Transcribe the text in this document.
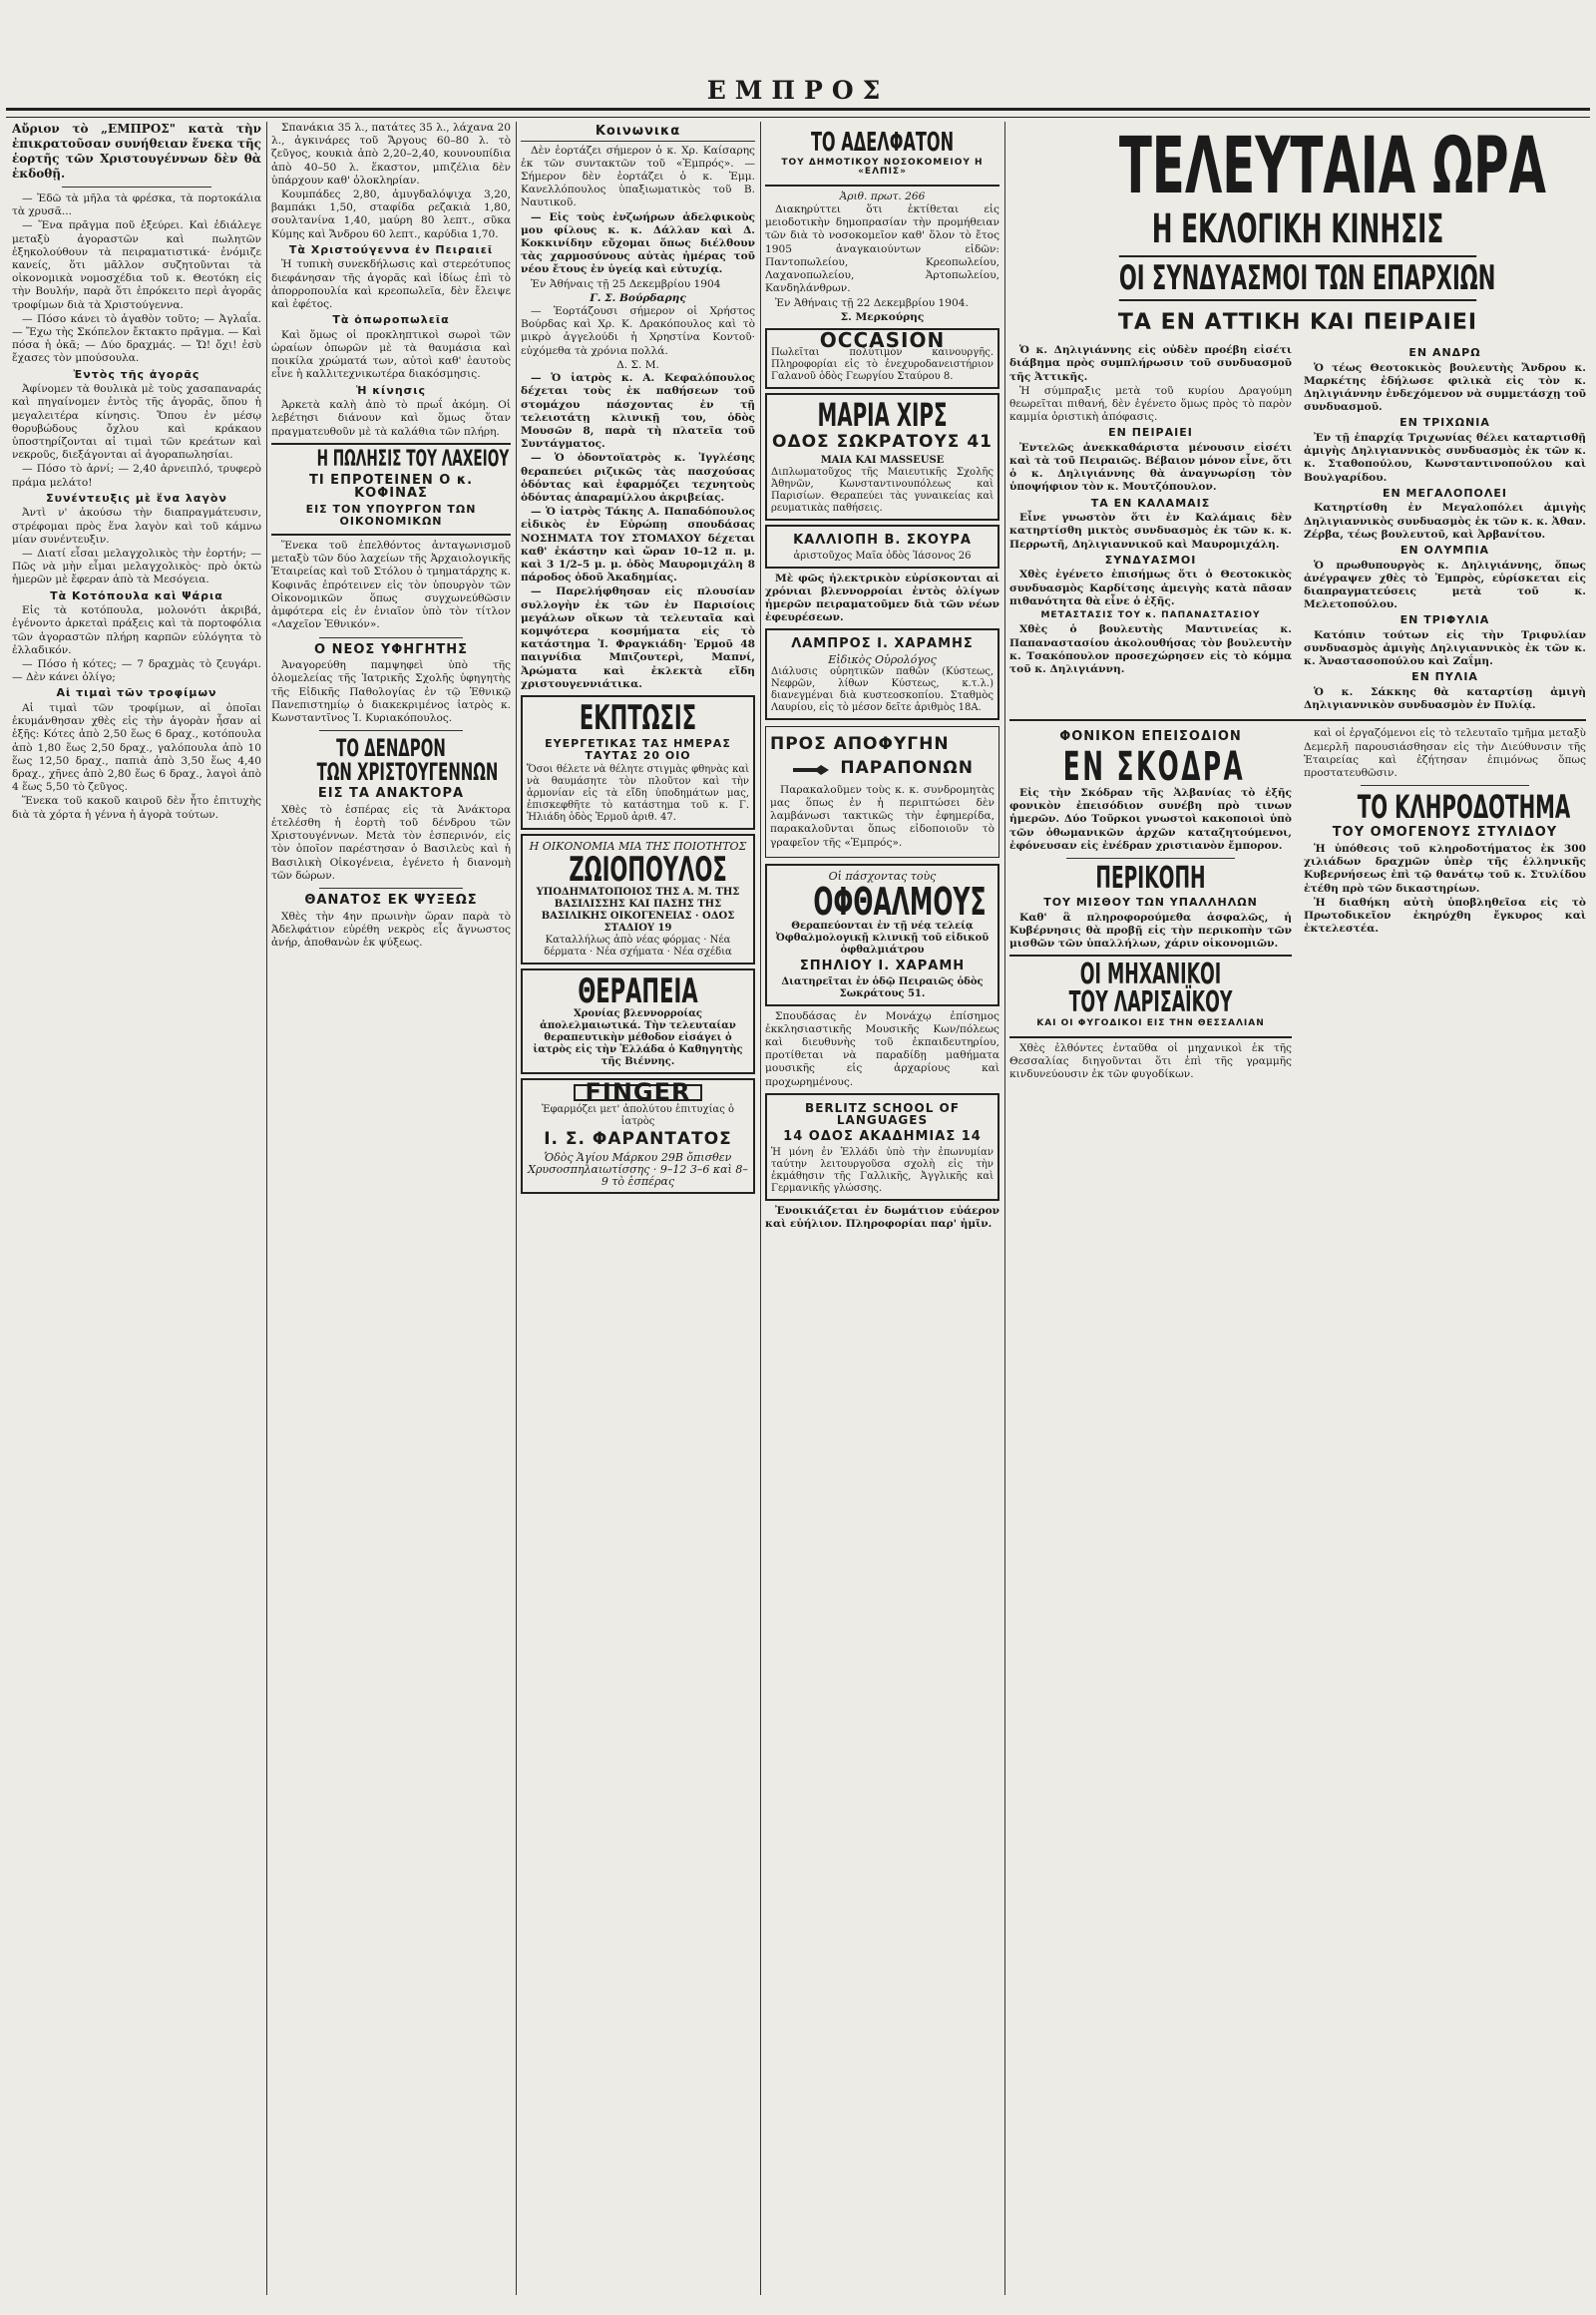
ΕΜΠΡΟΣ

Αὔριον τὸ „ΕΜΠΡΟΣ" κατὰ τὴν ἐπικρατοῦσαν συνήθειαν ἕνεκα τῆς ἑορτῆς τῶν Χριστουγέννων δὲν θὰ ἐκδοθῇ.

— Ἐδῶ τὰ μῆλα τὰ φρέσκα, τὰ πορτοκάλια τὰ χρυσᾶ...

— Ἕνα πρᾶγμα ποῦ ἐξεύρει. Καὶ ἐδιάλεγε μεταξὺ ἀγοραστῶν καὶ πωλητῶν ἐξηκολούθουν τὰ πειραματιστικά· ἐνόμιζε κανείς, ὅτι μᾶλλον συζητοῦνται τὰ οἰκονομικὰ νομοσχέδια τοῦ κ. Θεοτόκη εἰς τὴν Βουλήν, παρὰ ὅτι ἐπρόκειτο περὶ ἀγορᾶς τροφίμων διὰ τὰ Χριστούγεννα.

— Πόσο κάνει τὸ ἀγαθὸν τοῦτο; — Ἀγλαΐα. — Ἔχω τὴς Σκόπελον ἔκτακτο πρᾶγμα. — Καὶ πόσα ἡ ὀκᾶ; — Δύο δραχμάς. — Ὤ! ὄχι! ἐσὺ ἔχασες τὸν μπούσουλα.

Ἐντὸς τῆς ἀγορᾶς

Ἀφίνομεν τὰ θουλικὰ μὲ τοὺς χασαπαναράς καὶ πηγαίνομεν ἐντὸς τῆς ἀγορᾶς, ὅπου ἡ μεγαλειτέρα κίνησις. Ὅπου ἐν μέσῳ θορυβώδους ὄχλου καὶ κράκαου ὑποστηρίζονται αἱ τιμαὶ τῶν κρεάτων καὶ νεκροῦς, διεξάγονται αἱ ἀγοραπωλησίαι.

— Πόσο τὸ ἀρνί; — 2,40 ἀρνειπλό, τρυφερὸ πράμα μελάτο!

Συνέντευξις μὲ ἕνα λαγὸν

Ἀντὶ ν' ἀκούσω τὴν διαπραγμάτευσιν, στρέφομαι πρὸς ἕνα λαγὸν καὶ τοῦ κάμνω μίαν συνέντευξιν.

— Διατί εἶσαι μελαγχολικὸς τὴν ἑορτήν; — Πῶς νὰ μὴν εἶμαι μελαγχολικὸς· πρὸ ὀκτὼ ἡμερῶν μὲ ἔφεραν ἀπὸ τὰ Μεσόγεια.

Τὰ Κοτόπουλα καὶ Ψάρια

Εἰς τὰ κοτόπουλα, μολονότι ἀκριβά, ἐγένοντο ἀρκεταὶ πράξεις καὶ τὰ πορτοφόλια τῶν ἀγοραστῶν πλήρη καρπῶν εὐλόγητα τὸ ἐλλαδικόν.

— Πόσο ἡ κότες; — 7 δραχμὰς τὸ ζευγάρι. — Δὲν κάνει ὀλίγο;

Αἱ τιμαὶ τῶν τροφίμων

Αἱ τιμαὶ τῶν τροφίμων, αἱ ὁποῖαι ἐκυμάνθησαν χθὲς εἰς τὴν ἀγορὰν ἦσαν αἱ ἑξῆς: Κότες ἀπὸ 2,50 ἕως 6 δραχ., κοτόπουλα ἀπὸ 1,80 ἕως 2,50 δραχ., γαλόπουλα ἀπὸ 10 ἕως 12,50 δραχ., παπιὰ ἀπὸ 3,50 ἕως 4,40 δραχ., χῆνες ἀπὸ 2,80 ἕως 6 δραχ., λαγοὶ ἀπὸ 4 ἕως 5,50 τὸ ζεῦγος.

Ἕνεκα τοῦ κακοῦ καιροῦ δὲν ἦτο ἐπιτυχὴς διὰ τὰ χόρτα ἡ γέννα ἡ ἀγορὰ τούτων.

Σπανάκια 35 λ., πατάτες 35 λ., λάχανα 20 λ., ἀγκινάρες τοῦ Ἄργους 60–80 λ. τὸ ζεῦγος, κουκιὰ ἀπὸ 2,20–2,40, κουνουπίδια ἀπὸ 40–50 λ. ἕκαστον, μπιζέλια δὲν ὑπάρχουν καθ' ὁλοκληρίαν.

Κουμπάδες 2,80, ἀμυγδαλόψιχα 3,20, βαμπάκι 1,50, σταφίδα ρεζακιὰ 1,80, σουλτανίνα 1,40, μαύρη 80 λεπτ., σῦκα Κύμης καὶ Ἄνδρου 60 λεπτ., καρύδια 1,70.

Τὰ Χριστούγεννα ἐν Πειραιεῖ

Ἡ τυπικὴ συνεκδήλωσις καὶ στερεότυπος διεφάνησαν τῆς ἀγορᾶς καὶ ἰδίως ἐπὶ τὸ ἀπορροπουλία καὶ κρεοπωλεῖα, δὲν ἔλειψε καὶ ἐφέτος.

Τὰ ὀπωροπωλεῖα

Καὶ ὅμως οἱ προκληπτικοὶ σωροὶ τῶν ὡραίων ὀπωρῶν μὲ τὰ θαυμάσια καὶ ποικίλα χρώματά των, αὐτοὶ καθ' ἑαυτοὺς εἶνε ἡ καλλιτεχνικωτέρα διακόσμησις.

Ἡ κίνησις

Ἀρκετὰ καλὴ ἀπὸ τὸ πρωΐ ἀκόμη. Οἱ λεβέτησι διάνουν καὶ ὅμως ὅταν πραγματευθοῦν μὲ τὰ καλάθια τῶν πλήρη.

Η ΠΩΛΗΣΙΣ ΤΟΥ ΛΑΧΕΙΟΥ
ΤΙ ΕΠΡΟΤΕΙΝΕΝ Ο κ. ΚΟΦΙΝΑΣ
ΕΙΣ ΤΟΝ ΥΠΟΥΡΓΟΝ ΤΩΝ ΟΙΚΟΝΟΜΙΚΩΝ

Ἕνεκα τοῦ ἐπελθόντος ἀνταγωνισμοῦ μεταξὺ τῶν δύο λαχείων τῆς Ἀρχαιολογικῆς Ἑταιρείας καὶ τοῦ Στόλου ὁ τμηματάρχης κ. Κοφινᾶς ἐπρότεινεν εἰς τὸν ὑπουργὸν τῶν Οἰκονομικῶν ὅπως συγχωνεύθῶσιν ἀμφότερα εἰς ἐν ἑνιαῖον ὑπὸ τὸν τίτλον «Λαχεῖον Ἑθνικόν».

Ο ΝΕΟΣ ΥΦΗΓΗΤΗΣ

Ἀναγορεύθη παμψηφεὶ ὑπὸ τῆς ὁλομελείας τῆς Ἰατρικῆς Σχολῆς ὑφηγητὴς τῆς Εἰδικῆς Παθολογίας ἐν τῷ Ἐθνικῷ Πανεπιστημίῳ ὁ διακεκριμένος ἰατρὸς κ. Κωνσταντῖνος Ἰ. Κυριακόπουλος.

ΤΟ ΔΕΝΔΡΟΝ
ΤΩΝ ΧΡΙΣΤΟΥΓΕΝΝΩΝ
ΕΙΣ ΤΑ ΑΝΑΚΤΟΡΑ

Χθὲς τὸ ἑσπέρας εἰς τὰ Ἀνάκτορα ἐτελέσθη ἡ ἑορτὴ τοῦ δένδρου τῶν Χριστουγέννων. Μετὰ τὸν ἑσπερινόν, εἰς τὸν ὁποῖον παρέστησαν ὁ Βασιλεὺς καὶ ἡ Βασιλικὴ Οἰκογένεια, ἐγένετο ἡ διανομὴ τῶν δώρων.

ΘΑΝΑΤΟΣ ΕΚ ΨΥΞΕΩΣ

Χθὲς τὴν 4ην πρωινὴν ὥραν παρὰ τὸ Ἀδελφάτιον εὑρέθη νεκρὸς εἷς ἄγνωστος ἀνήρ, ἀποθανὼν ἐκ ψύξεως.

Κοινωνικα

Δὲν ἑορτάζει σήμερον ὁ κ. Χρ. Καίσαρης ἐκ τῶν συντακτῶν τοῦ «Ἐμπρός». — Σήμερον δὲν ἑορτάζει ὁ κ. Ἐμμ. Κανελλόπουλος ὑπαξιωματικὸς τοῦ Β. Ναυτικοῦ.

— Εἰς τοὺς ἐνζωήρων ἀδελφικοὺς μου φίλους κ. κ. Δάλλαν καὶ Δ. Κοκκινίδην εὔχομαι ὅπως διέλθουν τὰς χαρμοσύνους αὐτὰς ἡμέρας τοῦ νέου ἔτους ἐν ὑγείᾳ καὶ εὐτυχίᾳ.

Ἐν Ἀθήναις τῇ 25 Δεκεμβρίου 1904

Γ. Σ. Βούρδαρης

— Ἑορτάζουσι σήμερον οἱ Χρήστος Βούρδας καὶ Χρ. Κ. Δρακόπουλος καὶ τὸ μικρὸ ἀγγελούδι ἡ Χρηστίνα Κοντοῦ· εὐχόμεθα τὰ χρόνια πολλά.

Δ. Σ. Μ.

— Ὁ ἰατρὸς κ. Α. Κεφαλόπουλος δέχεται τοὺς ἐκ παθήσεων τοῦ στομάχου πάσχοντας ἐν τῇ τελειοτάτῃ κλινικῇ του, ὁδὸς Μουσῶν 8, παρὰ τὴ πλατεῖα τοῦ Συντάγματος.

— Ὁ ὀδοντοϊατρὸς κ. Ἰγγλέσης θεραπεύει ριζικῶς τὰς πασχούσας ὀδόντας καὶ ἐφαρμόζει τεχνητοὺς ὀδόντας ἀπαραμίλλου ἀκριβείας.

— Ὁ ἰατρὸς Τάκης Α. Παπαδόπουλος εἰδικὸς ἐν Εὐρώπῃ σπουδάσας ΝΟΣΗΜΑΤΑ ΤΟΥ ΣΤΟΜΑΧΟΥ δέχεται καθ' ἑκάστην καὶ ὥραν 10–12 π. μ. καὶ 3 1/2–5 μ. μ. ὁδὸς Μαυρομιχάλη 8 πάροδος ὁδοῦ Ἀκαδημίας.

— Παρελήφθησαν εἰς πλουσίαν συλλογὴν ἐκ τῶν ἐν Παρισίοις μεγάλων οἴκων τὰ τελευταῖα καὶ κομψότερα κοσμήματα εἰς τὸ κατάστημα Ἰ. Φραγκιάδη· Ἑρμοῦ 48 παιγνίδια Μπιζουτερὶ, Μαπνί, Ἀρώματα καὶ ἐκλεκτὰ εἴδη χριστουγεννιάτικα.

ΕΚΠΤΩΣΙΣ
ΕΥΕΡΓΕΤΙΚΑΣ ΤΑΣ ΗΜΕΡΑΣ ΤΑΥΤΑΣ 20 ΟΙΟ
Ὅσοι θέλετε νὰ θέλητε στιγμὰς φθηνὰς καὶ νὰ θαυμάσητε τὸν πλοῦτον καὶ τὴν ἁρμονίαν εἰς τὰ εἴδη ὑποδημάτων μας, ἐπισκεφθῆτε τὸ κατάστημα τοῦ κ. Γ. Ἠλιάδη ὁδὸς Ἑρμοῦ ἀριθ. 47.
Η ΟΙΚΟΝΟΜΙΑ ΜΙΑ ΤΗΣ ΠΟΙΟΤΗΤΟΣ
ΖΩΙΟΠΟΥΛΟΣ
ΥΠΟΔΗΜΑΤΟΠΟΙΟΣ ΤΗΣ Α. Μ. ΤΗΣ ΒΑΣΙΛΙΣΣΗΣ ΚΑΙ ΠΑΣΗΣ ΤΗΣ ΒΑΣΙΛΙΚΗΣ ΟΙΚΟΓΕΝΕΙΑΣ · ΟΔΟΣ ΣΤΑΔΙΟΥ 19
Καταλλήλως ἀπὸ νέας φόρμας · Νέα δέρματα · Νέα σχήματα · Νέα σχέδια
ΘΕΡΑΠΕΙΑ
Χρονίας βλεννορροίας ἀπολελμαιωτικά. Τὴν τελευταίαν θεραπευτικὴν μέθοδον εἰσάγει ὁ ἰατρὸς εἰς τὴν Ἑλλάδα ὁ Καθηγητὴς τῆς Βιέννης.
FINGER
Ἐφαρμόζει μετ' ἀπολύτου ἐπιτυχίας ὁ ἰατρὸς
Ι. Σ. ΦΑΡΑΝΤΑΤΟΣ
Ὁδὸς Ἁγίου Μάρκου 29Β ὄπισθεν Χρυσοσπηλαιωτίσσης · 9–12 3–6 καὶ 8–9 τὸ ἑσπέρας
ΤΟ ΑΔΕΛΦΑΤΟΝ
ΤΟΥ ΔΗΜΟΤΙΚΟΥ ΝΟΣΟΚΟΜΕΙΟΥ Η «ΕΛΠΙΣ»
Ἀριθ. πρωτ. 266

Διακηρύττει ὅτι ἐκτίθεται εἰς μειοδοτικὴν δημοπρασίαν τὴν προμήθειαν τῶν διὰ τὸ νοσοκομεῖον καθ' ὅλον τὸ ἔτος 1905 ἀναγκαιούντων εἰδῶν: Παντοπωλείου, Κρεοπωλείου, Λαχανοπωλείου, Ἀρτοπωλείου, Κανδηλάνθρων.

Ἐν Ἀθήναις τῇ 22 Δεκεμβρίου 1904.

Σ. Μερκούρης
OCCASION
Πωλεῖται πολύτιμον καινουργῆς. Πληροφορίαι εἰς τὸ ἐνεχυροδανειστήριον Γαλανοῦ ὁδὸς Γεωργίου Σταύρου 8.
ΜΑΡΙΑ ΧΙΡΣ
ΟΔΟΣ ΣΩΚΡΑΤΟΥΣ 41
ΜΑΙΑ ΚΑΙ MASSEUSE
Διπλωματοῦχος τῆς Μαιευτικῆς Σχολῆς Ἀθηνῶν, Κωνσταντινουπόλεως καὶ Παρισίων. Θεραπεύει τὰς γυναικείας καὶ ρευματικὰς παθήσεις.
ΚΑΛΛΙΟΠΗ Β. ΣΚΟΥΡΑ
ἀριστοῦχος Μαῖα ὁδὸς Ἰάσονος 26

Μὲ φῶς ἠλεκτρικὸν εὐρίσκονται αἱ χρόνιαι βλεννορροίαι ἐντὸς ὀλίγων ἡμερῶν πειραματοῦμεν διὰ τῶν νέων ἐφευρέσεων.

ΛΑΜΠΡΟΣ Ι. ΧΑΡΑΜΗΣ
Εἰδικὸς Οὐρολόγος
Διάλυσις οὐρητικῶν παθῶν (Κύστεως, Νεφρῶν, λίθων Κύστεως, κ.τ.λ.) διανεγμέναι διὰ κυστεοσκοπίου. Σταθμὸς Λαυρίου, εἰς τὸ μέσον δεῖτε ἀριθμὸς 18Α.
ΠΡΟΣ ΑΠΟΦΥΓΗΝ
ΠΑΡΑΠΟΝΩΝ

Παρακαλοῦμεν τοὺς κ. κ. συνδρομητὰς μας ὅπως ἐν ἡ περιπτώσει δὲν λαμβάνωσι τακτικῶς τὴν ἐφημερίδα, παρακαλοῦνται ὅπως εἰδοποιοῦν τὸ γραφεῖον τῆς «Ἐμπρός».

Οἱ πάσχοντας τοὺς
ΟΦΘΑΛΜΟΥΣ
Θεραπεύονται ἐν τῇ νέᾳ τελείᾳ Ὀφθαλμολογικῇ κλινικῇ τοῦ εἰδικοῦ ὀφθαλμιάτρου
ΣΠΗΛΙΟΥ Ι. ΧΑΡΑΜΗ
Διατηρεῖται ἐν ὁδῷ Πειραιῶς ὁδὸς Σωκράτους 51.

Σπουδάσας ἐν Μονάχῳ ἐπίσημος ἐκκλησιαστικῆς Μουσικῆς Κων/πόλεως καὶ διευθυνὴς τοῦ ἐκπαιδευτηρίου, προτίθεται νὰ παραδίδῃ μαθήματα μουσικῆς εἰς ἀρχαρίους καὶ προχωρημένους.

BERLITZ SCHOOL OF LANGUAGES
14 ΟΔΟΣ ΑΚΑΔΗΜΙΑΣ 14
Ἡ μόνη ἐν Ἑλλάδι ὑπὸ τὴν ἐπωνυμίαν ταύτην λειτουργοῦσα σχολὴ εἰς τὴν ἐκμάθησιν τῆς Γαλλικῆς, Ἀγγλικῆς καὶ Γερμανικῆς γλώσσης.

Ἐνοικιάζεται ἐν δωμάτιον εὐάερον καὶ εὐήλιον. Πληροφορίαι παρ' ἡμῖν.

ΤΕΛΕΥΤΑΙΑ ΩΡΑ
Η ΕΚΛΟΓΙΚΗ ΚΙΝΗΣΙΣ
ΟΙ ΣΥΝΔΥΑΣΜΟΙ ΤΩΝ ΕΠΑΡΧΙΩΝ
ΤΑ ΕΝ ΑΤΤΙΚΗ ΚΑΙ ΠΕΙΡΑΙΕΙ

Ὁ κ. Δηλιγιάννης εἰς οὐδὲν προέβη εἰσέτι διάβημα πρὸς συμπλήρωσιν τοῦ συνδυασμοῦ τῆς Ἀττικῆς.

Ἡ σύμπραξις μετὰ τοῦ κυρίου Δραγούμη θεωρεῖται πιθανή, δὲν ἐγένετο ὅμως πρὸς τὸ παρὸν καμμία ὁριστικὴ ἀπόφασις.

ΕΝ ΠΕΙΡΑΙΕΙ

Ἐντελῶς ἀνεκκαθάριστα μένουσιν εἰσέτι καὶ τὰ τοῦ Πειραιῶς. Βέβαιον μόνον εἶνε, ὅτι ὁ κ. Δηλιγιάννης θὰ ἀναγνωρίσῃ τὸν ὑποψήφιον τὸν κ. Μουτζόπουλον.

ΤΑ ΕΝ ΚΑΛΑΜΑΙΣ

Εἶνε γνωστὸν ὅτι ἐν Καλάμαις δὲν κατηρτίσθη μικτὸς συνδυασμὸς ἐκ τῶν κ. κ. Περρωτῆ, Δηλιγιαννικοῦ καὶ Μαυρομιχάλη.

ΣΥΝΔΥΑΣΜΟΙ

Χθὲς ἐγένετο ἐπισήμως ὅτι ὁ Θεοτοκικὸς συνδυασμὸς Καρδίτσης ἀμειγὴς κατὰ πᾶσαν πιθανότητα θὰ εἶνε ὁ ἑξῆς.

ΜΕΤΑΣΤΑΣΙΣ ΤΟΥ κ. ΠΑΠΑΝΑΣΤΑΣΙΟΥ

Χθὲς ὁ βουλευτὴς Μαντινείας κ. Παπαναστασίου ἀκολουθήσας τὸν βουλευτὴν κ. Τσακόπουλον προσεχώρησεν εἰς τὸ κόμμα τοῦ κ. Δηλιγιάννη.

ΕΝ ΑΝΔΡΩ

Ὁ τέως Θεοτοκικὸς βουλευτὴς Ἄνδρου κ. Μαρκέτης ἐδήλωσε φιλικὰ εἰς τὸν κ. Δηλιγιάννην ἐνδεχόμενον νὰ συμμετάσχῃ τοῦ συνδυασμοῦ.

ΕΝ ΤΡΙΧΩΝΙΑ

Ἐν τῇ ἐπαρχίᾳ Τριχωνίας θέλει καταρτισθῇ ἀμιγὴς Δηλιγιαννικὸς συνδυασμὸς ἐκ τῶν κ. κ. Σταθοπούλου, Κωνσταντινοπούλου καὶ Βουλγαρίδου.

ΕΝ ΜΕΓΑΛΟΠΟΛΕΙ

Κατηρτίσθη ἐν Μεγαλοπόλει ἀμιγὴς Δηλιγιαννικὸς συνδυασμὸς ἐκ τῶν κ. κ. Ἀθαν. Ζέρβα, τέως βουλευτοῦ, καὶ Ἀρβανίτου.

ΕΝ ΟΛΥΜΠΙΑ

Ὁ πρωθυπουργὸς κ. Δηλιγιάννης, ὅπως ἀνέγραψεν χθὲς τὸ Ἐμπρὸς, εὑρίσκεται εἰς διαπραγματεύσεις μετὰ τοῦ κ. Μελετοπούλου.

ΕΝ ΤΡΙΦΥΛΙΑ

Κατόπιν τούτων εἰς τὴν Τριφυλίαν συνδυασμὸς ἀμιγὴς Δηλιγιαννικὸς ἐκ τῶν κ. κ. Ἀναστασοπούλου καὶ Ζαΐμη.

ΕΝ ΠΥΛΙΑ

Ὁ κ. Σάκκης θὰ καταρτίσῃ ἀμιγὴ Δηλιγιαννικὸν συνδυασμὸν ἐν Πυλίᾳ.

ΦΟΝΙΚΟΝ ΕΠΕΙΣΟΔΙΟΝ
ΕΝ ΣΚΟΔΡΑ

Εἰς τὴν Σκόδραν τῆς Ἀλβανίας τὸ ἐξῆς φονικὸν ἐπεισόδιον συνέβη πρὸ τινων ἡμερῶν. Δύο Τοῦρκοι γνωστοὶ κακοποιοὶ ὑπὸ τῶν ὀθωμανικῶν ἀρχῶν καταζητούμενοι, ἐφόνευσαν εἰς ἐνέδραν χριστιανὸν ἔμπορον.

ΠΕΡΙΚΟΠΗ
ΤΟΥ ΜΙΣΘΟΥ ΤΩΝ ΥΠΑΛΛΗΛΩΝ

Καθ' ἃ πληροφορούμεθα ἀσφαλῶς, ἡ Κυβέρνησις θὰ προβῇ εἰς τὴν περικοπὴν τῶν μισθῶν τῶν ὑπαλλήλων, χάριν οἰκονομιῶν.

ΟΙ ΜΗΧΑΝΙΚΟΙ
ΤΟΥ ΛΑΡΙΣΑΪΚΟΥ
ΚΑΙ ΟΙ ΦΥΓΟΔΙΚΟΙ ΕΙΣ ΤΗΝ ΘΕΣΣΑΛΙΑΝ

Χθὲς ἐλθόντες ἐνταῦθα οἱ μηχανικοὶ ἐκ τῆς Θεσσαλίας διηγοῦνται ὅτι ἐπὶ τῆς γραμμῆς κινδυνεύουσιν ἐκ τῶν φυγοδίκων.

καὶ οἱ ἐργαζόμενοι εἰς τὸ τελευταῖο τμῆμα μεταξὺ Δεμερλῆ παρουσιάσθησαν εἰς τὴν Διεύθυνσιν τῆς Ἑταιρείας καὶ ἐζήτησαν ἐπιμόνως ὅπως προστατευθῶσιν.

ΤΟ ΚΛΗΡΟΔΟΤΗΜΑ
ΤΟΥ ΟΜΟΓΕΝΟΥΣ ΣΤΥΛΙΔΟΥ

Ἡ ὑπόθεσις τοῦ κληροδοτήματος ἐκ 300 χιλιάδων δραχμῶν ὑπὲρ τῆς ἑλληνικῆς Κυβερνήσεως ἐπὶ τῷ θανάτῳ τοῦ κ. Στυλίδου ἐτέθη πρὸ τῶν δικαστηρίων.

Ἡ διαθήκη αὐτὴ ὑποβληθεῖσα εἰς τὸ Πρωτοδικεῖον ἐκηρύχθη ἔγκυρος καὶ ἐκτελεστέα.
